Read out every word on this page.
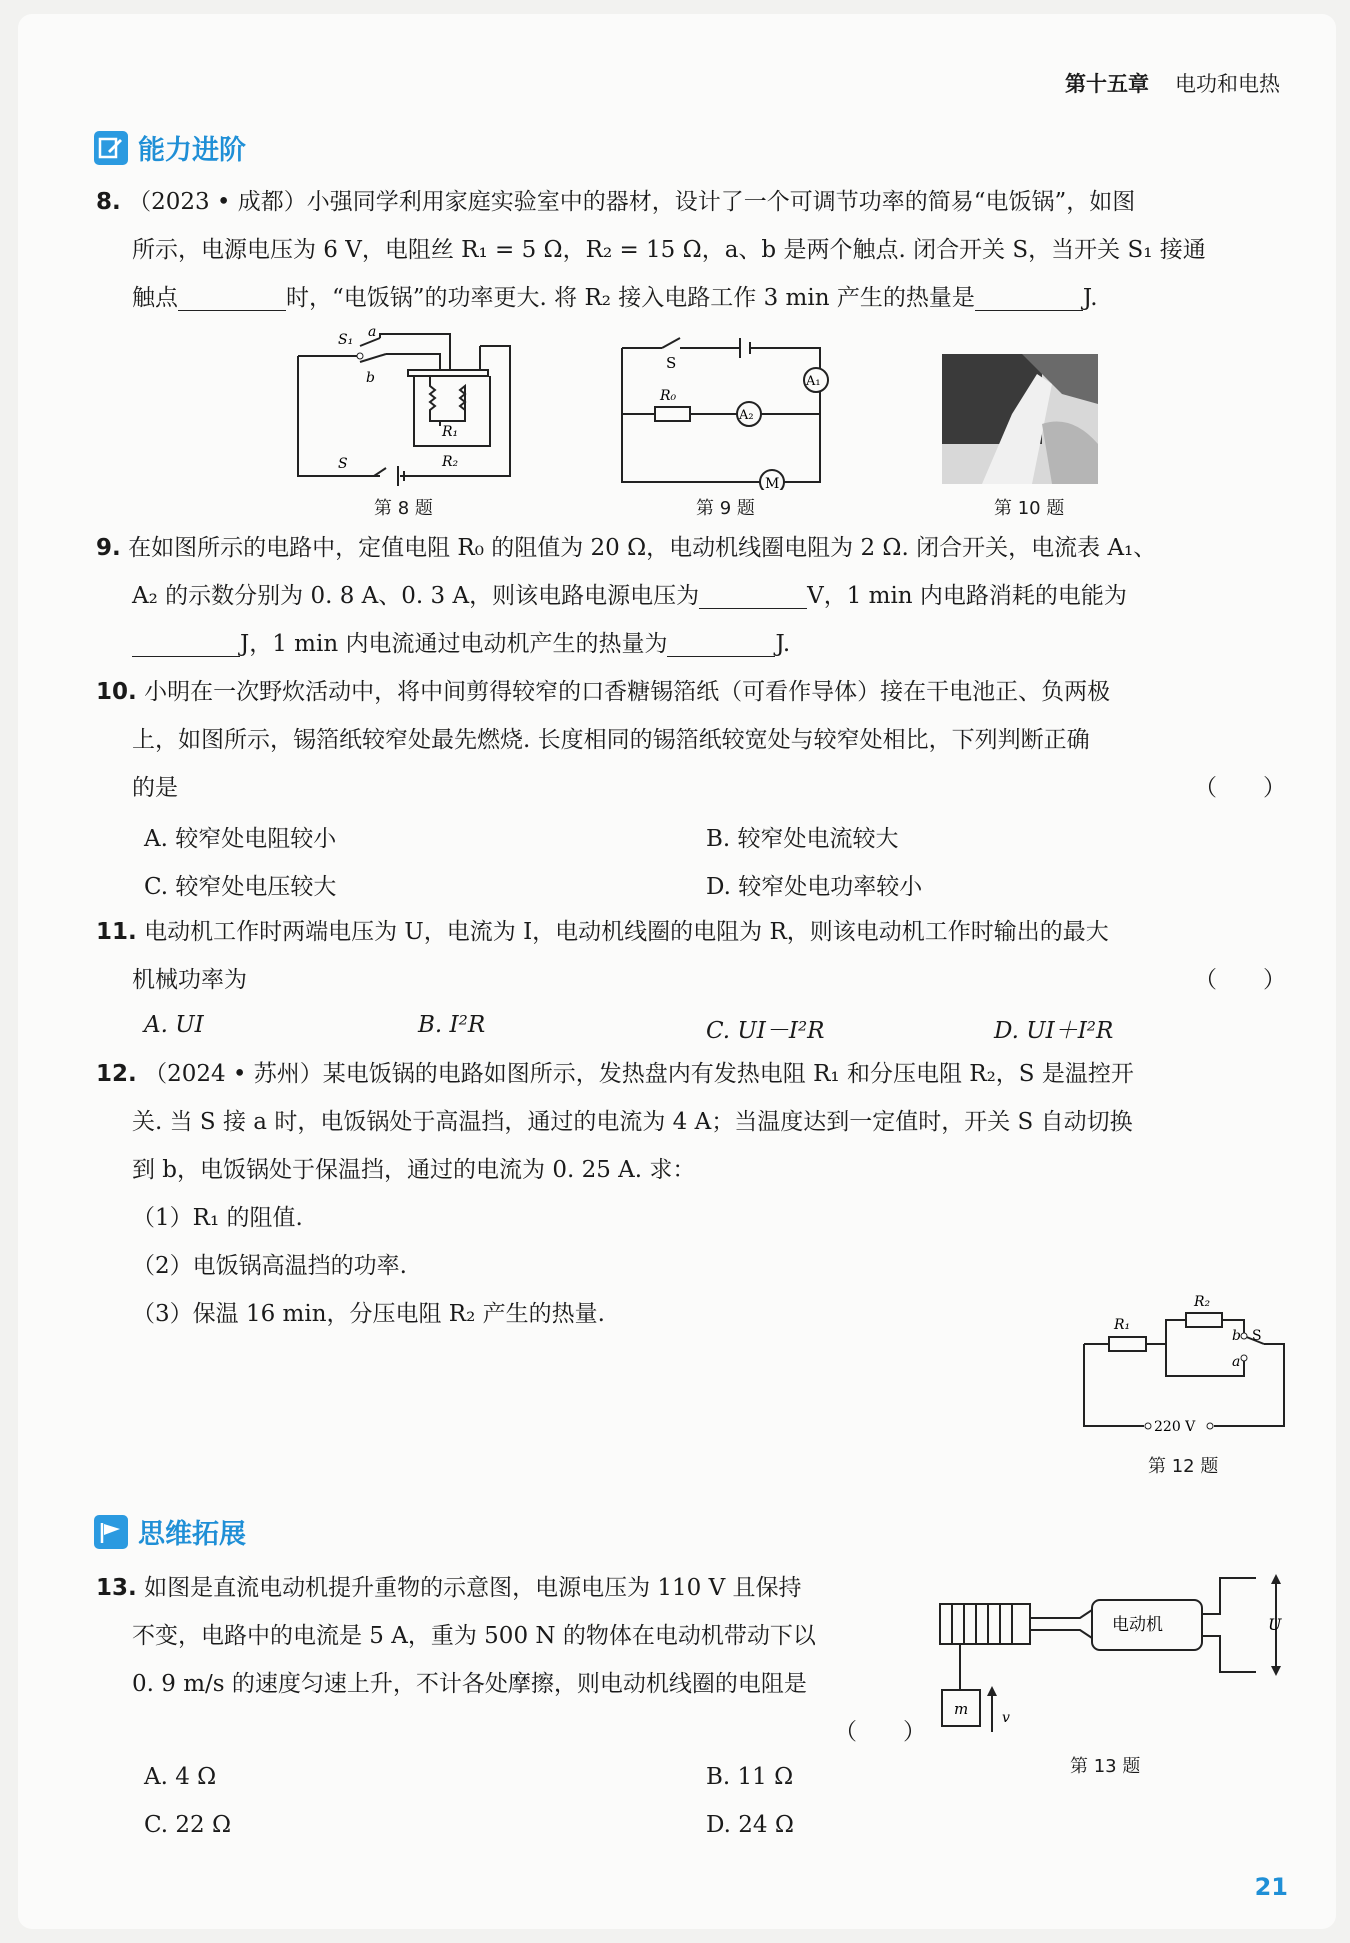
第十五章 电功和电热
能力进阶
8. （2023 • 成都）小强同学利用家庭实验室中的器材，设计了一个可调节功率的简易“电饭锅”，如图
所示，电源电压为 6 V，电阻丝 R₁ = 5 Ω，R₂ = 15 Ω，a、b 是两个触点. 闭合开关 S，当开关 S₁ 接通
触点	时，“电饭锅”的功率更大. 将 R₂ 接入电路工作 3 min 产生的热量是	J.
S₁ a
b
R₁
R₂
S
第 8 题
A₁
A₂
M
S
R₀
第 9 题	第 10 题
9. 在如图所示的电路中，定值电阻 R₀ 的阻值为 20 Ω，电动机线圈电阻为 2 Ω. 闭合开关，电流表 A₁、
A₂ 的示数分别为 0. 8 A、0. 3 A，则该电路电源电压为	V，1 min 内电路消耗的电能为
J，1 min 内电流通过电动机产生的热量为	J.
10. 小明在一次野炊活动中，将中间剪得较窄的口香糖锡箔纸（可看作导体）接在干电池正、负两极
上，如图所示，锡箔纸较窄处最先燃烧. 长度相同的锡箔纸较宽处与较窄处相比，下列判断正确
的是	（　　）
A. 较窄处电阻较小	B. 较窄处电流较大
C. 较窄处电压较大	D. 较窄处电功率较小
11. 电动机工作时两端电压为 U，电流为 I，电动机线圈的电阻为 R，则该电动机工作时输出的最大
机械功率为	（　　）
A. UI	B. I²R	C. UI－I²R	D. UI＋I²R
12. （2024 • 苏州）某电饭锅的电路如图所示，发热盘内有发热电阻 R₁ 和分压电阻 R₂，S 是温控开
关. 当 S 接 a 时，电饭锅处于高温挡，通过的电流为 4 A；当温度达到一定值时，开关 S 自动切换
到 b，电饭锅处于保温挡，通过的电流为 0. 25 A. 求：
（1）R₁ 的阻值.
（2）电饭锅高温挡的功率.
（3）保温 16 min，分压电阻 R₂ 产生的热量.	R₁
R₂
b
a
S
220 V
第 12 题
思维拓展
13. 如图是直流电动机提升重物的示意图，电源电压为 110 V 且保持
不变，电路中的电流是 5 A，重为 500 N 的物体在电动机带动下以
0. 9 m/s 的速度匀速上升，不计各处摩擦，则电动机线圈的电阻是
（　　）
A. 4 Ω	B. 11 Ω
C. 22 Ω	D. 24 Ω
电动机
m v
U
第 13 题
21
